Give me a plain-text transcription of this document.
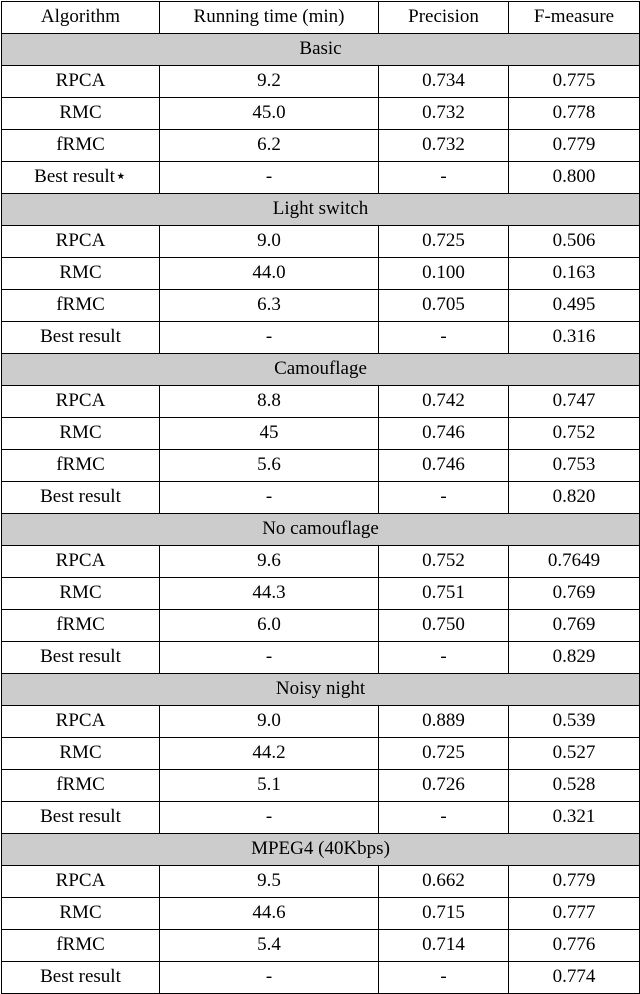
Algorithm	Running time (min)	Precision	F-measure
Basic			
RPCA	9.2	0.734	0.775
RMC	45.0	0.732	0.778
fRMC	6.2	0.732	0.779
Best result⋆	-	-	0.800
Light switch			
RPCA	9.0	0.725	0.506
RMC	44.0	0.100	0.163
fRMC	6.3	0.705	0.495
Best result	-	-	0.316
Camouflage			
RPCA	8.8	0.742	0.747
RMC	45	0.746	0.752
fRMC	5.6	0.746	0.753
Best result	-	-	0.820
No camouflage			
RPCA	9.6	0.752	0.7649
RMC	44.3	0.751	0.769
fRMC	6.0	0.750	0.769
Best result	-	-	0.829
Noisy night			
RPCA	9.0	0.889	0.539
RMC	44.2	0.725	0.527
fRMC	5.1	0.726	0.528
Best result	-	-	0.321
MPEG4 (40Kbps)			
RPCA	9.5	0.662	0.779
RMC	44.6	0.715	0.777
fRMC	5.4	0.714	0.776
Best result	-	-	0.774
